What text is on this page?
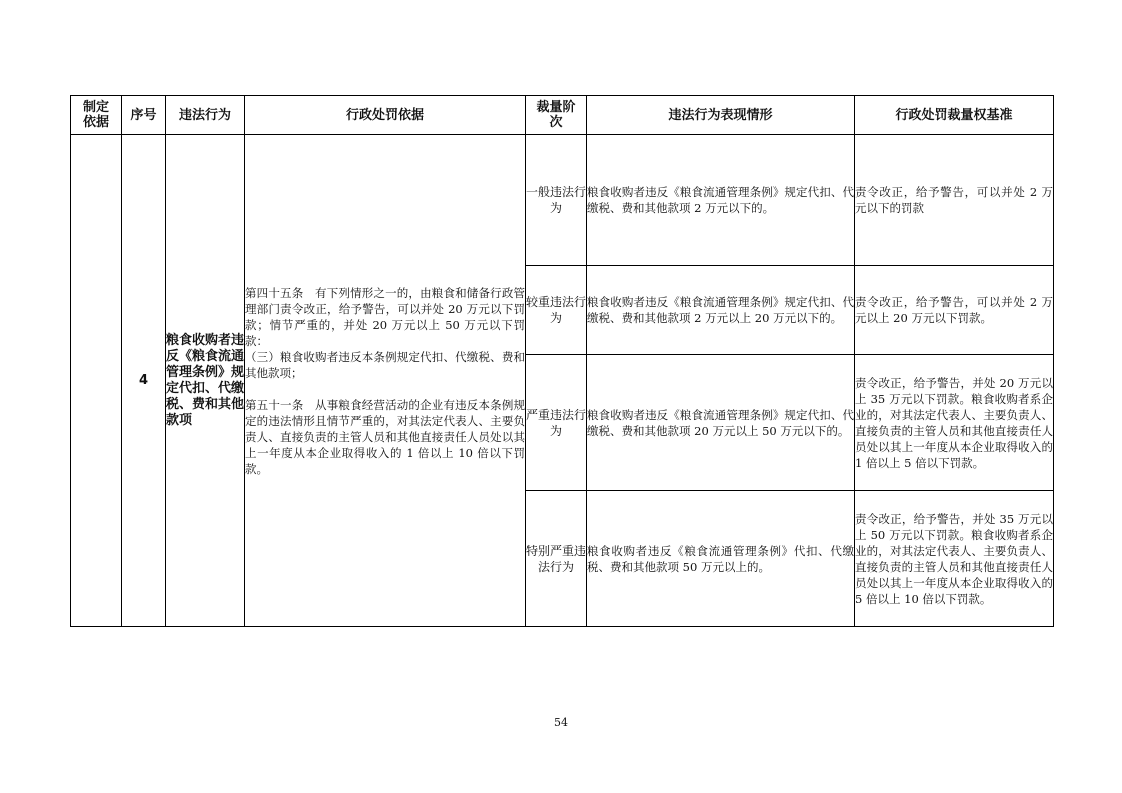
制定依据	序号	违法行为	行政处罚依据	裁量阶次	违法行为表现情形	行政处罚裁量权基准
	4	粮食收购者违反《粮食流通管理条例》规定代扣、代缴税、费和其他款项	第四十五条　有下列情形之一的，由粮食和储备行政管理部门责令改正，给予警告，可以并处 20 万元以下罚款；情节严重的，并处 20 万元以上 50 万元以下罚款：
（三）粮食收购者违反本条例规定代扣、代缴税、费和其他款项；
第五十一条　从事粮食经营活动的企业有违反本条例规定的违法情形且情节严重的，对其法定代表人、主要负责人、直接负责的主管人员和其他直接责任人员处以其上一年度从本企业取得收入的 1 倍以上 10 倍以下罚款。	一般违法行为	粮食收购者违反《粮食流通管理条例》规定代扣、代缴税、费和其他款项 2 万元以下的。	责令改正，给予警告，可以并处 2 万元以下的罚款
				较重违法行为	粮食收购者违反《粮食流通管理条例》规定代扣、代缴税、费和其他款项 2 万元以上 20 万元以下的。	责令改正，给予警告，可以并处 2 万元以上 20 万元以下罚款。
				严重违法行为	粮食收购者违反《粮食流通管理条例》规定代扣、代缴税、费和其他款项 20 万元以上 50 万元以下的。	责令改正，给予警告，并处 20 万元以上 35 万元以下罚款。粮食收购者系企业的，对其法定代表人、主要负责人、直接负责的主管人员和其他直接责任人员处以其上一年度从本企业取得收入的 1 倍以上 5 倍以下罚款。
				特别严重违法行为	粮食收购者违反《粮食流通管理条例》代扣、代缴税、费和其他款项 50 万元以上的。	责令改正，给予警告，并处 35 万元以上 50 万元以下罚款。粮食收购者系企业的，对其法定代表人、主要负责人、直接负责的主管人员和其他直接责任人员处以其上一年度从本企业取得收入的 5 倍以上 10 倍以下罚款。
54
